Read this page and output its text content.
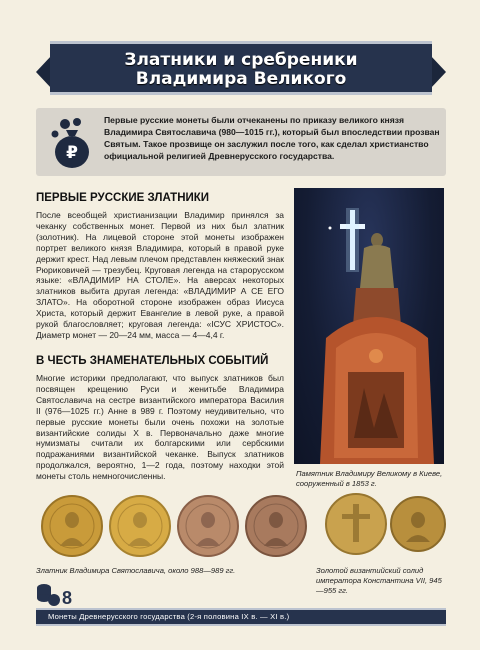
Златники и сребреники
Владимира Великого
₽
Первые русские монеты были отчеканены по приказу великого князя Владимира Святославича (980—1015 гг.), который был впоследствии прозван Святым. Такое прозвище он заслужил после того, как сделал христианство официальной религией Древнерусского государства.
ПЕРВЫЕ РУССКИЕ ЗЛАТНИКИ
После всеобщей христианизации Владимир принялся за чеканку собственных монет. Первой из них был златник (золотник). На лицевой стороне этой монеты изображен портрет великого князя Владимира, который в правой руке держит крест. Над левым плечом представлен княжеский знак Рюриковичей — трезубец. Круговая легенда на старорусском языке: «ВЛАДИМИР НА СТОЛЕ». На аверсах некоторых златников выбита другая легенда: «ВЛАДИМИР А СЕ ЕГО ЗЛАТО». На оборотной стороне изображен образ Иисуса Христа, который держит Евангелие в левой руке, а правой рукой благословляет; круговая легенда: «ІСУС ХРИСТОС». Диаметр монет — 20—24 мм, масса — 4—4,4 г.
В ЧЕСТЬ ЗНАМЕНАТЕЛЬНЫХ СОБЫТИЙ
Многие историки предполагают, что выпуск златников был посвящен крещению Руси и женитьбе Владимира Святославича на сестре византийского императора Василия II (976—1025 гг.) Анне в 989 г. Поэтому неудивительно, что первые русские монеты были очень похожи на золотые византийские солиды X в. Первоначально даже многие нумизматы считали их болгарскими или сербскими подражаниями византийской чеканке. Выпуск златников продолжался, вероятно, 1—2 года, поэтому находки этой монеты столь немногочисленны.	Памятник Владимиру Великому в Киеве, сооруженный в 1853 г.
Златник Владимира Святославича, около 988—989 гг.	Золотой византийский солид императора Константина VII, 945—955 гг.
8
Монеты Древнерусского государства (2-я половина IX в. — XI в.)
